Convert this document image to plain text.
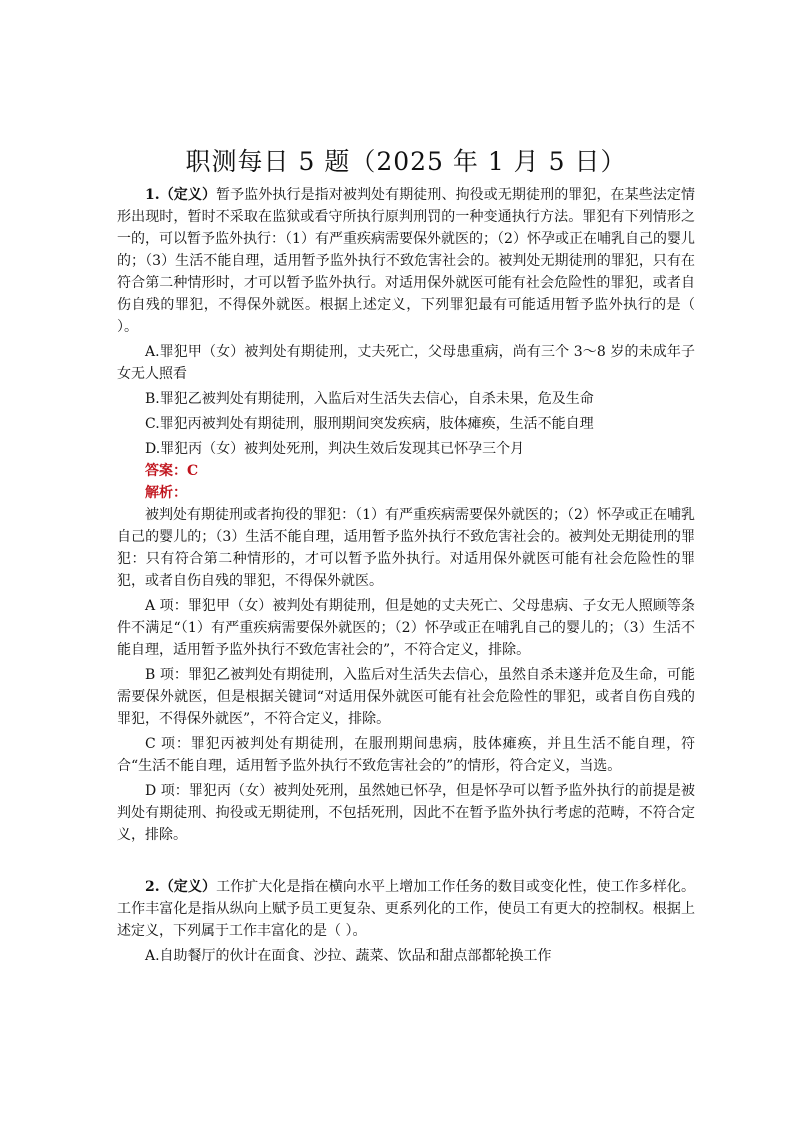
职测每日 5 题（2025 年 1 月 5 日）

1.（定义）暂予监外执行是指对被判处有期徒刑、拘役或无期徒刑的罪犯，在某些法定情形出现时，暂时不采取在监狱或看守所执行原判刑罚的一种变通执行方法。罪犯有下列情形之一的，可以暂予监外执行：（1）有严重疾病需要保外就医的；（2）怀孕或正在哺乳自己的婴儿的；（3）生活不能自理，适用暂予监外执行不致危害社会的。被判处无期徒刑的罪犯，只有在符合第二种情形时，才可以暂予监外执行。对适用保外就医可能有社会危险性的罪犯，或者自伤自残的罪犯，不得保外就医。根据上述定义，下列罪犯最有可能适用暂予监外执行的是（ ）。

A.罪犯甲（女）被判处有期徒刑，丈夫死亡，父母患重病，尚有三个 3～8 岁的未成年子女无人照看

B.罪犯乙被判处有期徒刑，入监后对生活失去信心，自杀未果，危及生命

C.罪犯丙被判处有期徒刑，服刑期间突发疾病，肢体瘫痪，生活不能自理

D.罪犯丙（女）被判处死刑，判决生效后发现其已怀孕三个月

答案：C

解析：

被判处有期徒刑或者拘役的罪犯：（1）有严重疾病需要保外就医的；（2）怀孕或正在哺乳自己的婴儿的；（3）生活不能自理，适用暂予监外执行不致危害社会的。被判处无期徒刑的罪犯：只有符合第二种情形的，才可以暂予监外执行。对适用保外就医可能有社会危险性的罪犯，或者自伤自残的罪犯，不得保外就医。

A 项：罪犯甲（女）被判处有期徒刑，但是她的丈夫死亡、父母患病、子女无人照顾等条件不满足“（1）有严重疾病需要保外就医的；（2）怀孕或正在哺乳自己的婴儿的；（3）生活不能自理，适用暂予监外执行不致危害社会的”，不符合定义，排除。

B 项：罪犯乙被判处有期徒刑，入监后对生活失去信心，虽然自杀未遂并危及生命，可能需要保外就医，但是根据关键词“对适用保外就医可能有社会危险性的罪犯，或者自伤自残的罪犯，不得保外就医”，不符合定义，排除。

C 项：罪犯丙被判处有期徒刑，在服刑期间患病，肢体瘫痪，并且生活不能自理，符合“生活不能自理，适用暂予监外执行不致危害社会的”的情形，符合定义，当选。

D 项：罪犯丙（女）被判处死刑，虽然她已怀孕，但是怀孕可以暂予监外执行的前提是被判处有期徒刑、拘役或无期徒刑，不包括死刑，因此不在暂予监外执行考虑的范畴，不符合定义，排除。

2.（定义）工作扩大化是指在横向水平上增加工作任务的数目或变化性，使工作多样化。工作丰富化是指从纵向上赋予员工更复杂、更系列化的工作，使员工有更大的控制权。根据上述定义，下列属于工作丰富化的是（ ）。

A.自助餐厅的伙计在面食、沙拉、蔬菜、饮品和甜点部都轮换工作
